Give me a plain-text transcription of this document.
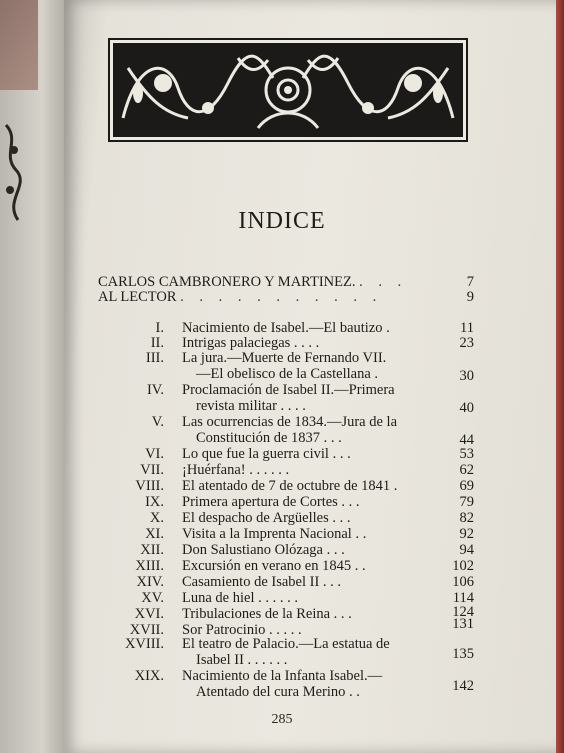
INDICE
CARLOS CAMBRONERO Y MARTINEZ. . . .	7
AL LECTOR . . . . . . . . . . .	9
I. Nacimiento de Isabel.—El bautizo .	11
II. Intrigas palaciegas . . . .	23
III. La jura.—Muerte de Fernando VII.
—El obelisco de la Castellana .	30
IV. Proclamación de Isabel II.—Primera
revista militar . . . .	40
V. Las ocurrencias de 1834.—Jura de la
Constitución de 1837 . . .	44
VI. Lo que fue la guerra civil . . .	53
VII. ¡Huérfana! . . . . . .	62
VIII. El atentado de 7 de octubre de 1841 .	69
IX. Primera apertura de Cortes . . .	79
X. El despacho de Argüelles . . .	82
XI. Visita a la Imprenta Nacional . .	92
XII. Don Salustiano Olózaga . . .	94
XIII. Excursión en verano en 1845 . .	102
XIV. Casamiento de Isabel II . . .	106
XV. Luna de hiel . . . . . .	114
XVI. Tribulaciones de la Reina . . .	124
XVII. Sor Patrocinio . . . . .	131
XVIII. El teatro de Palacio.—La estatua de
Isabel II . . . . . .	135
XIX. Nacimiento de la Infanta Isabel.—
Atentado del cura Merino . .	142
285
